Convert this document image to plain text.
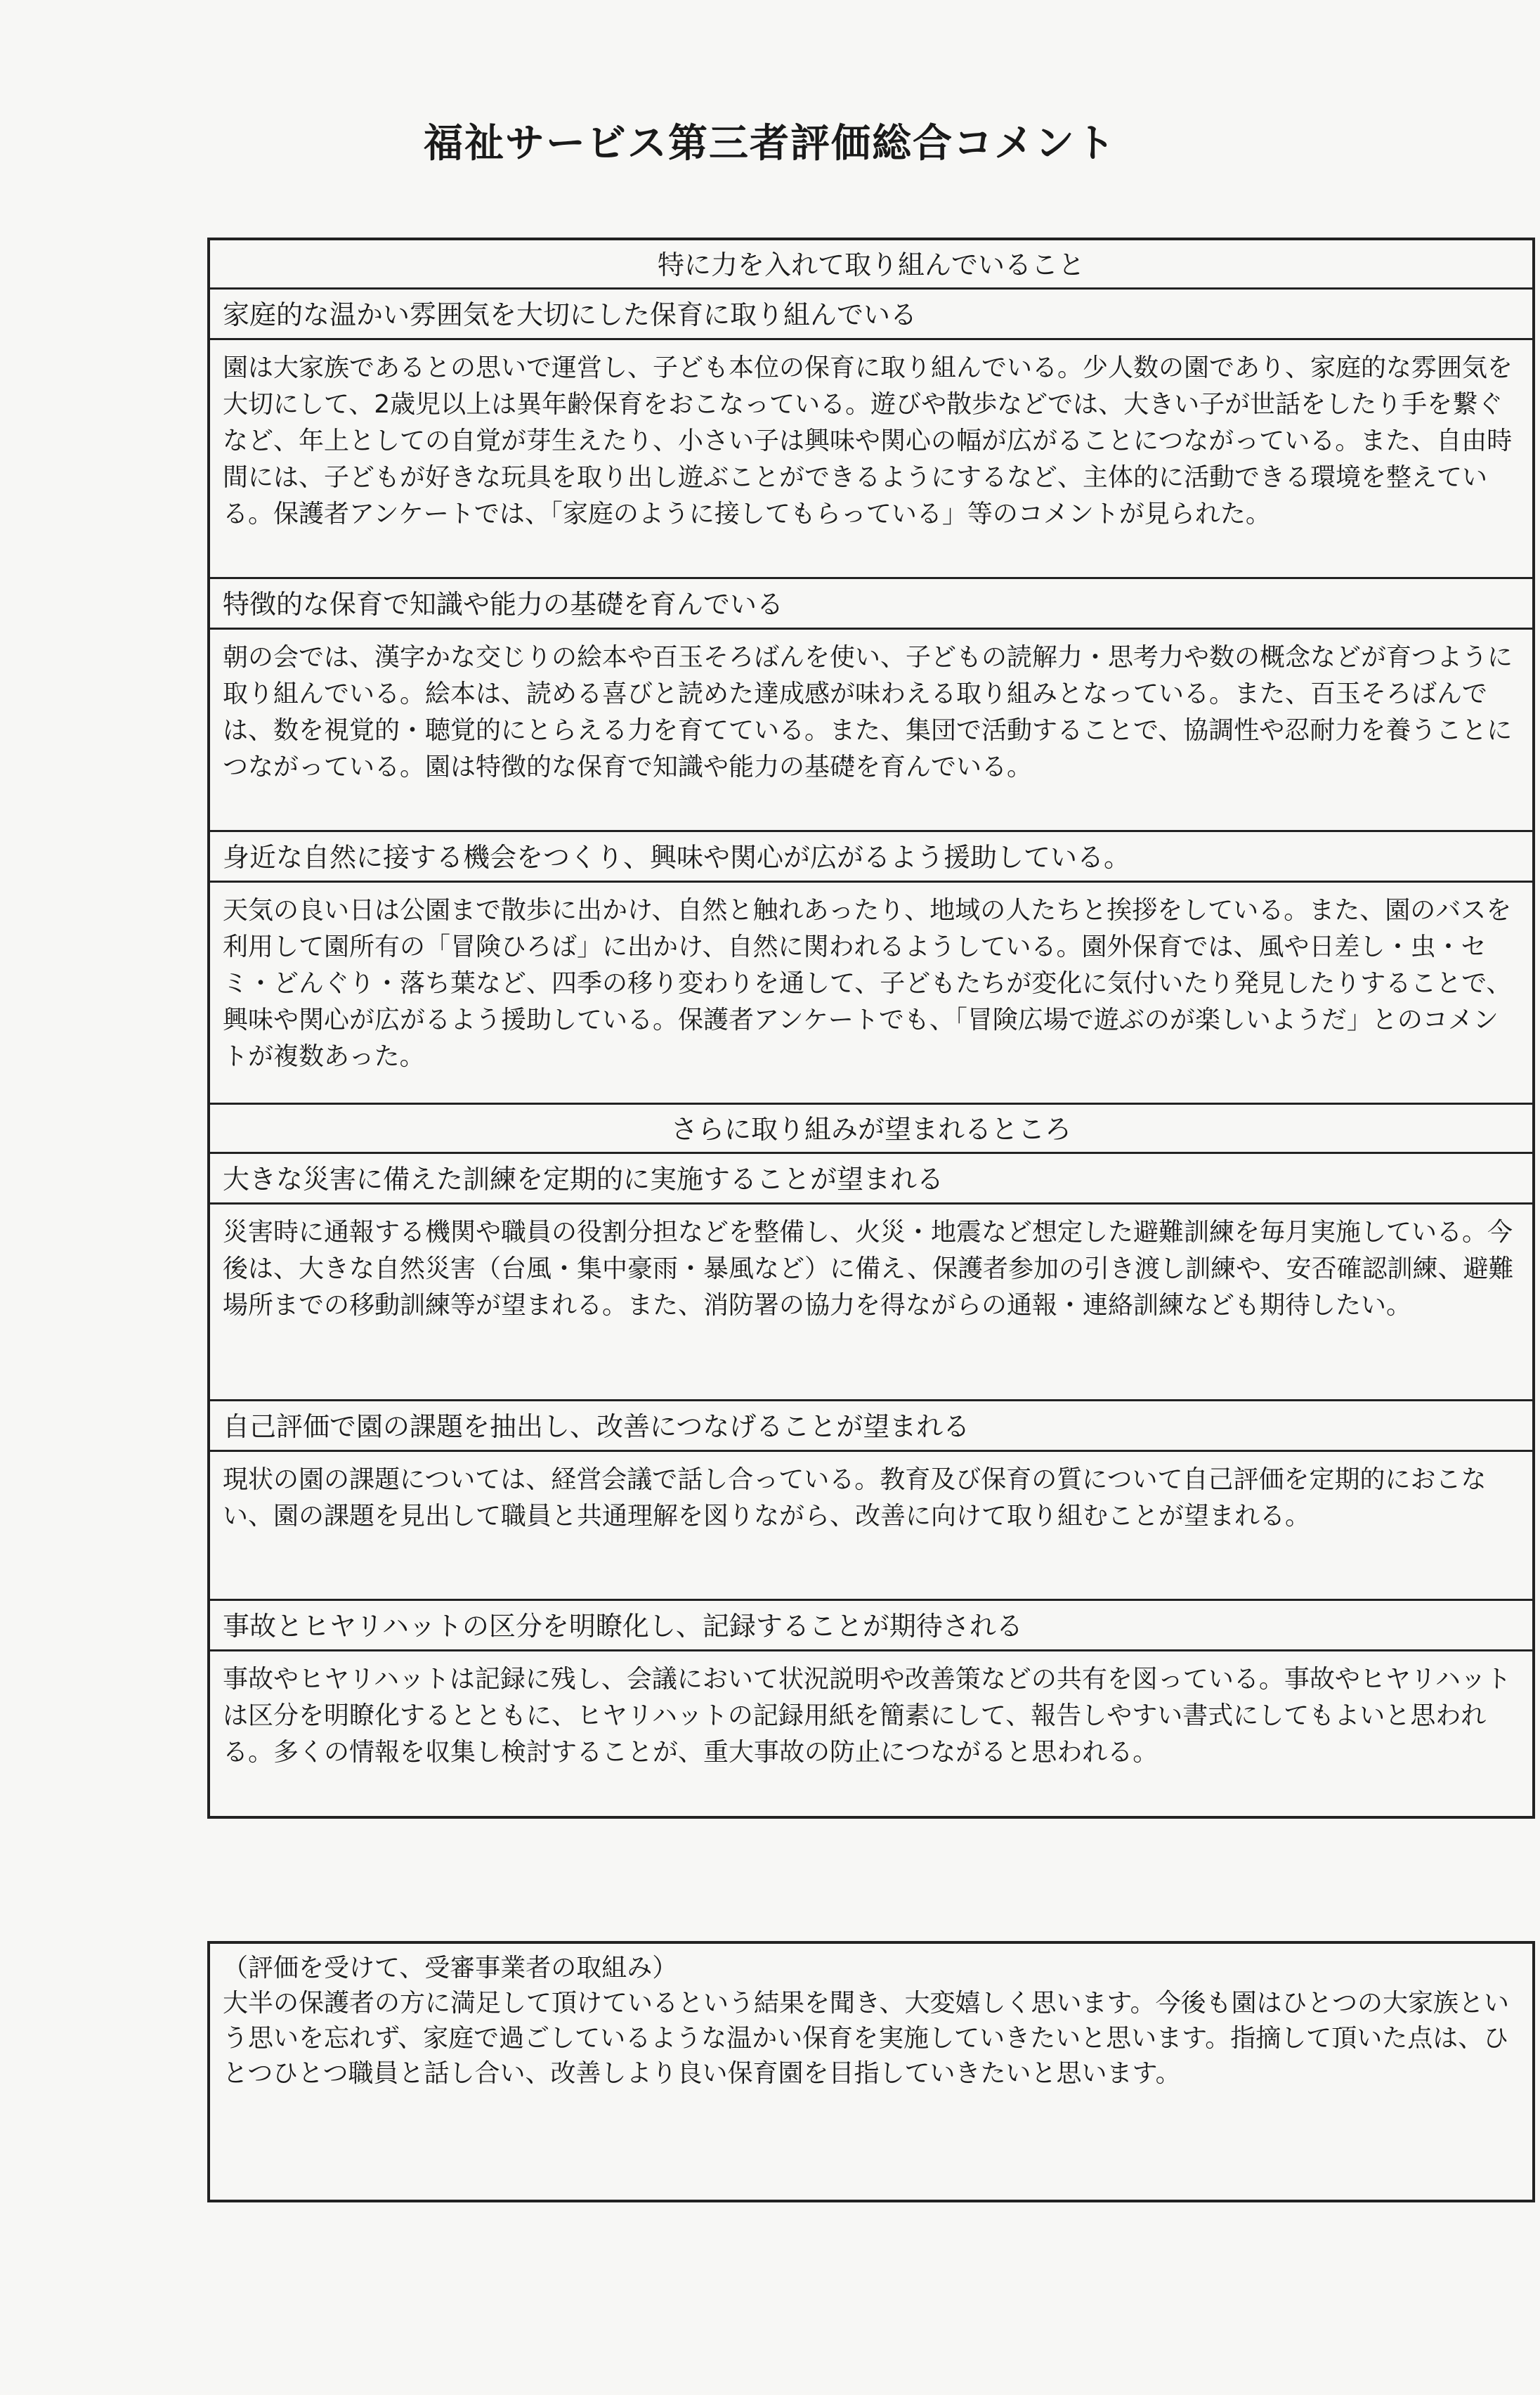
福祉サービス第三者評価総合コメント
特に力を入れて取り組んでいること
家庭的な温かい雰囲気を大切にした保育に取り組んでいる
園は大家族であるとの思いで運営し、子ども本位の保育に取り組んでいる。少人数の園であり、家庭的な雰囲気を大切にして、2歳児以上は異年齢保育をおこなっている。遊びや散歩などでは、大きい子が世話をしたり手を繋ぐなど、年上としての自覚が芽生えたり、小さい子は興味や関心の幅が広がることにつながっている。また、自由時間には、子どもが好きな玩具を取り出し遊ぶことができるようにするなど、主体的に活動できる環境を整えている。保護者アンケートでは、「家庭のように接してもらっている」等のコメントが見られた。
特徴的な保育で知識や能力の基礎を育んでいる
朝の会では、漢字かな交じりの絵本や百玉そろばんを使い、子どもの読解力・思考力や数の概念などが育つように取り組んでいる。絵本は、読める喜びと読めた達成感が味わえる取り組みとなっている。また、百玉そろばんでは、数を視覚的・聴覚的にとらえる力を育てている。また、集団で活動することで、協調性や忍耐力を養うことにつながっている。園は特徴的な保育で知識や能力の基礎を育んでいる。
身近な自然に接する機会をつくり、興味や関心が広がるよう援助している。
天気の良い日は公園まで散歩に出かけ、自然と触れあったり、地域の人たちと挨拶をしている。また、園のバスを利用して園所有の「冒険ひろば」に出かけ、自然に関われるようしている。園外保育では、風や日差し・虫・セミ・どんぐり・落ち葉など、四季の移り変わりを通して、子どもたちが変化に気付いたり発見したりすることで、興味や関心が広がるよう援助している。保護者アンケートでも、「冒険広場で遊ぶのが楽しいようだ」とのコメントが複数あった。
さらに取り組みが望まれるところ
大きな災害に備えた訓練を定期的に実施することが望まれる
災害時に通報する機関や職員の役割分担などを整備し、火災・地震など想定した避難訓練を毎月実施している。今後は、大きな自然災害（台風・集中豪雨・暴風など）に備え、保護者参加の引き渡し訓練や、安否確認訓練、避難場所までの移動訓練等が望まれる。また、消防署の協力を得ながらの通報・連絡訓練なども期待したい。
自己評価で園の課題を抽出し、改善につなげることが望まれる
現状の園の課題については、経営会議で話し合っている。教育及び保育の質について自己評価を定期的におこない、園の課題を見出して職員と共通理解を図りながら、改善に向けて取り組むことが望まれる。
事故とヒヤリハットの区分を明瞭化し、記録することが期待される
事故やヒヤリハットは記録に残し、会議において状況説明や改善策などの共有を図っている。事故やヒヤリハットは区分を明瞭化するとともに、ヒヤリハットの記録用紙を簡素にして、報告しやすい書式にしてもよいと思われる。多くの情報を収集し検討することが、重大事故の防止につながると思われる。
（評価を受けて、受審事業者の取組み）
大半の保護者の方に満足して頂けているという結果を聞き、大変嬉しく思います。今後も園はひとつの大家族という思いを忘れず、家庭で過ごしているような温かい保育を実施していきたいと思います。指摘して頂いた点は、ひとつひとつ職員と話し合い、改善しより良い保育園を目指していきたいと思います。
